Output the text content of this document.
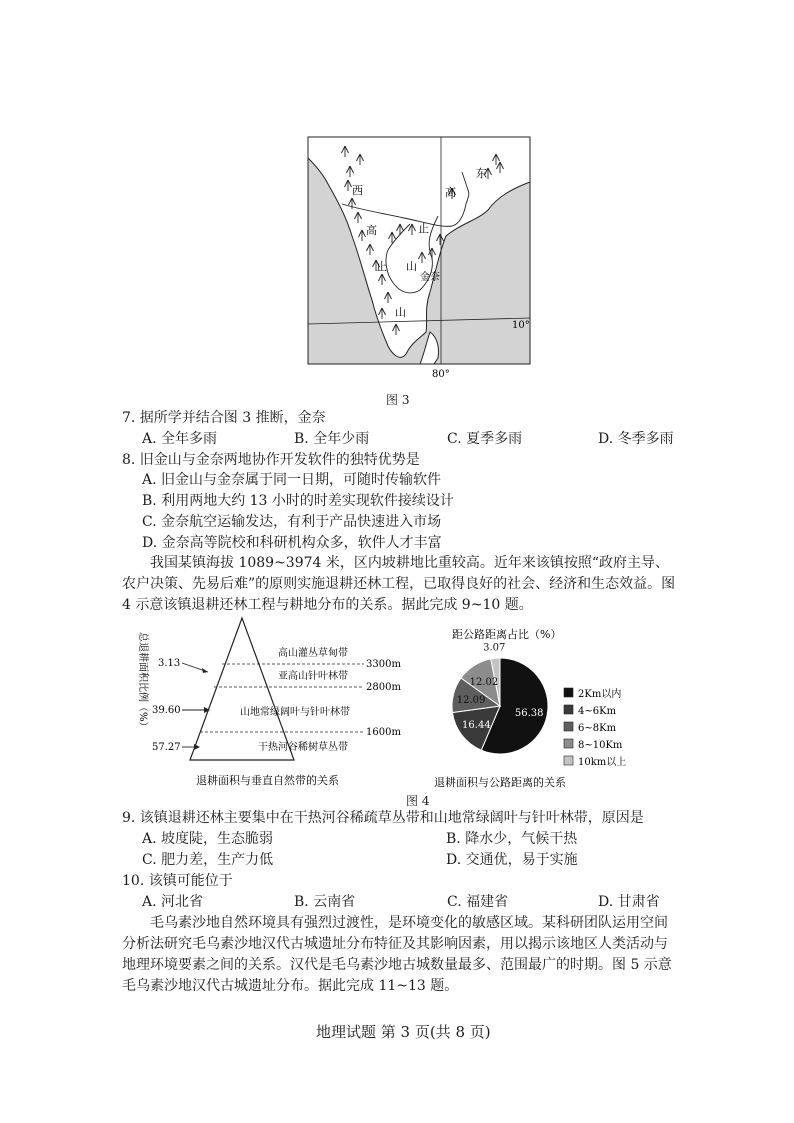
西
高
止
山
东
高
止
山
金奈
10°
80°
图 3
7. 据所学并结合图 3 推断，金奈
A. 全年多雨	B. 全年少雨	C. 夏季多雨	D. 冬季多雨
8. 旧金山与金奈两地协作开发软件的独特优势是
A. 旧金山与金奈属于同一日期，可随时传输软件
B. 利用两地大约 13 小时的时差实现软件接续设计
C. 金奈航空运输发达，有利于产品快速进入市场
D. 金奈高等院校和科研机构众多，软件人才丰富
我国某镇海拔 1089~3974 米，区内坡耕地比重较高。近年来该镇按照“政府主导、农户决策、先易后难”的原则实施退耕还林工程，已取得良好的社会、经济和生态效益。图 4 示意该镇退耕还林工程与耕地分布的关系。据此完成 9~10 题。
总退耕面积比例（%）	3300m
2800m
1600m
高山灌丛草甸带
亚高山针叶林带
山地常绿阔叶与针叶林带
干热河谷稀树草丛带
3.13
39.60
57.27
退耕面积与垂直自然带的关系
距公路距离占比（%）
56.38
16.44
12.09
12.02
3.07
2Km以内
4~6Km
6~8Km
8~10Km
10km以上
退耕面积与公路距离的关系
图 4
9. 该镇退耕还林主要集中在干热河谷稀疏草丛带和山地常绿阔叶与针叶林带，原因是
A. 坡度陡，生态脆弱	B. 降水少，气候干热
C. 肥力差，生产力低	D. 交通优，易于实施
10. 该镇可能位于
A. 河北省	B. 云南省	C. 福建省	D. 甘肃省
毛乌素沙地自然环境具有强烈过渡性，是环境变化的敏感区域。某科研团队运用空间分析法研究毛乌素沙地汉代古城遗址分布特征及其影响因素，用以揭示该地区人类活动与地理环境要素之间的关系。汉代是毛乌素沙地古城数量最多、范围最广的时期。图 5 示意毛乌素沙地汉代古城遗址分布。据此完成 11~13 题。
地理试题 第 3 页(共 8 页)
